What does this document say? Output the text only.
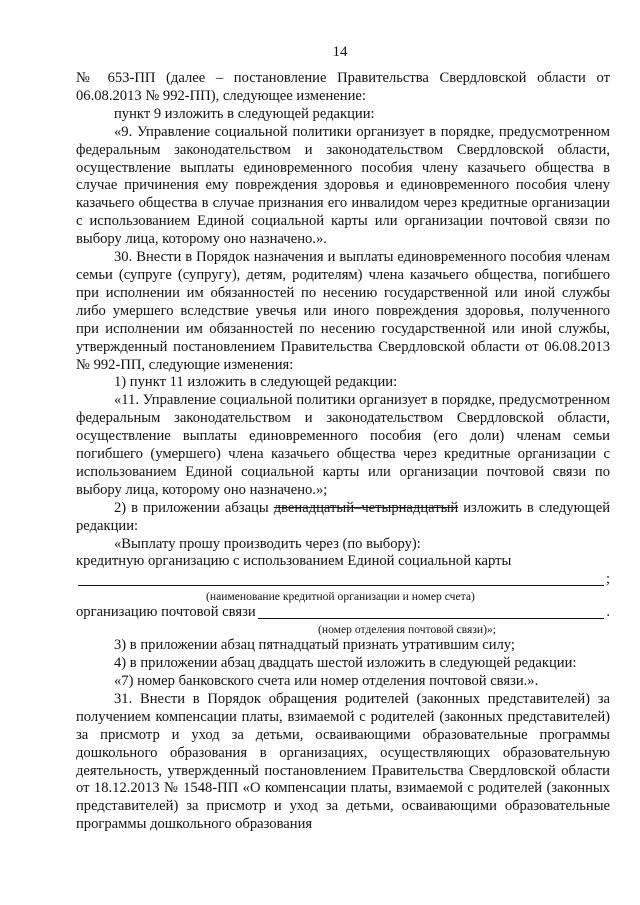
14

№ 653-ПП (далее – постановление Правительства Свердловской области от 06.08.2013 № 992-ПП), следующее изменение:

пункт 9 изложить в следующей редакции:

«9. Управление социальной политики организует в порядке, предусмотренном федеральным законодательством и законодательством Свердловской области, осуществление выплаты единовременного пособия члену казачьего общества в случае причинения ему повреждения здоровья и единовременного пособия члену казачьего общества в случае признания его инвалидом через кредитные организации с использованием Единой социальной карты или организации почтовой связи по выбору лица, которому оно назначено.».

30. Внести в Порядок назначения и выплаты единовременного пособия членам семьи (супруге (супругу), детям, родителям) члена казачьего общества, погибшего при исполнении им обязанностей по несению государственной или иной службы либо умершего вследствие увечья или иного повреждения здоровья, полученного при исполнении им обязанностей по несению государственной или иной службы, утвержденный постановлением Правительства Свердловской области от 06.08.2013 № 992-ПП, следующие изменения:

1) пункт 11 изложить в следующей редакции:

«11. Управление социальной политики организует в порядке, предусмотренном федеральным законодательством и законодательством Свердловской области, осуществление выплаты единовременного пособия (его доли) членам семьи погибшего (умершего) члена казачьего общества через кредитные организации с использованием Единой социальной карты или организации почтовой связи по выбору лица, которому оно назначено.»;

2) в приложении абзацы двенадцатый–четырнадцатый изложить в следующей редакции:

«Выплату прошу производить через (по выбору):

кредитную организацию с использованием Единой социальной карты

;

(наименование кредитной организации и номер счета)

организацию почтовой связи	.

(номер отделения почтовой связи)»;

3) в приложении абзац пятнадцатый признать утратившим силу;

4) в приложении абзац двадцать шестой изложить в следующей редакции:

«7) номер банковского счета или номер отделения почтовой связи.».

31. Внести в Порядок обращения родителей (законных представителей) за получением компенсации платы, взимаемой с родителей (законных представителей) за присмотр и уход за детьми, осваивающими образовательные программы дошкольного образования в организациях, осуществляющих образовательную деятельность, утвержденный постановлением Правительства Свердловской области от 18.12.2013 № 1548-ПП «О компенсации платы, взимаемой с родителей (законных представителей) за присмотр и уход за детьми, осваивающими образовательные программы дошкольного образования
